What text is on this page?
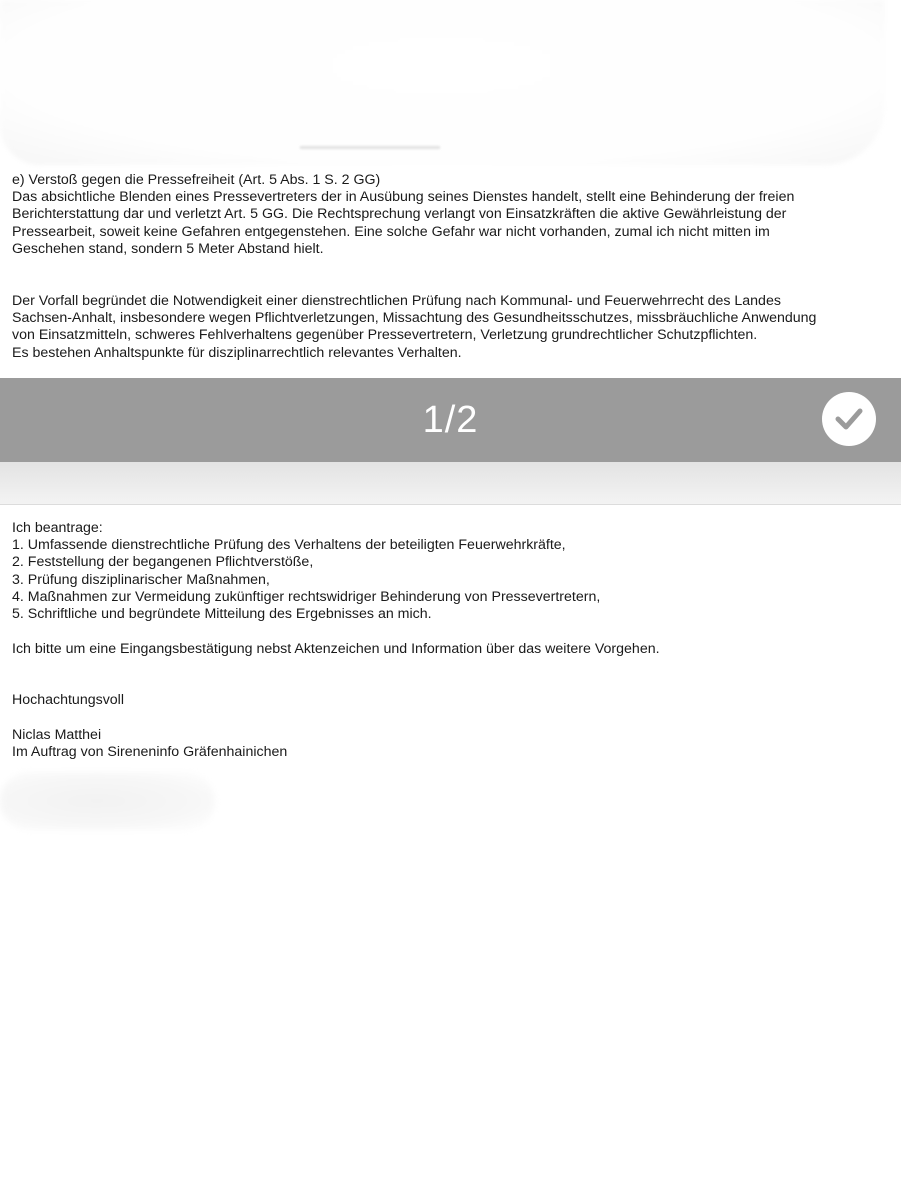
e) Verstoß gegen die Pressefreiheit (Art. 5 Abs. 1 S. 2 GG)
Das absichtliche Blenden eines Pressevertreters der in Ausübung seines Dienstes handelt, stellt eine Behinderung der freien
Berichterstattung dar und verletzt Art. 5 GG. Die Rechtsprechung verlangt von Einsatzkräften die aktive Gewährleistung der
Pressearbeit, soweit keine Gefahren entgegenstehen. Eine solche Gefahr war nicht vorhanden, zumal ich nicht mitten im
Geschehen stand, sondern 5 Meter Abstand hielt.
Der Vorfall begründet die Notwendigkeit einer dienstrechtlichen Prüfung nach Kommunal- und Feuerwehrrecht des Landes
Sachsen-Anhalt, insbesondere wegen Pflichtverletzungen, Missachtung des Gesundheitsschutzes, missbräuchliche Anwendung
von Einsatzmitteln, schweres Fehlverhaltens gegenüber Pressevertretern, Verletzung grundrechtlicher Schutzpflichten.
Es bestehen Anhaltspunkte für disziplinarrechtlich relevantes Verhalten.
1/2
Ich beantrage:
1. Umfassende dienstrechtliche Prüfung des Verhaltens der beteiligten Feuerwehrkräfte,
2. Feststellung der begangenen Pflichtverstöße,
3. Prüfung disziplinarischer Maßnahmen,
4. Maßnahmen zur Vermeidung zukünftiger rechtswidriger Behinderung von Pressevertretern,
5. Schriftliche und begründete Mitteilung des Ergebnisses an mich.
Ich bitte um eine Eingangsbestätigung nebst Aktenzeichen und Information über das weitere Vorgehen.
Hochachtungsvoll
Niclas Matthei
Im Auftrag von Sireneninfo Gräfenhainichen
